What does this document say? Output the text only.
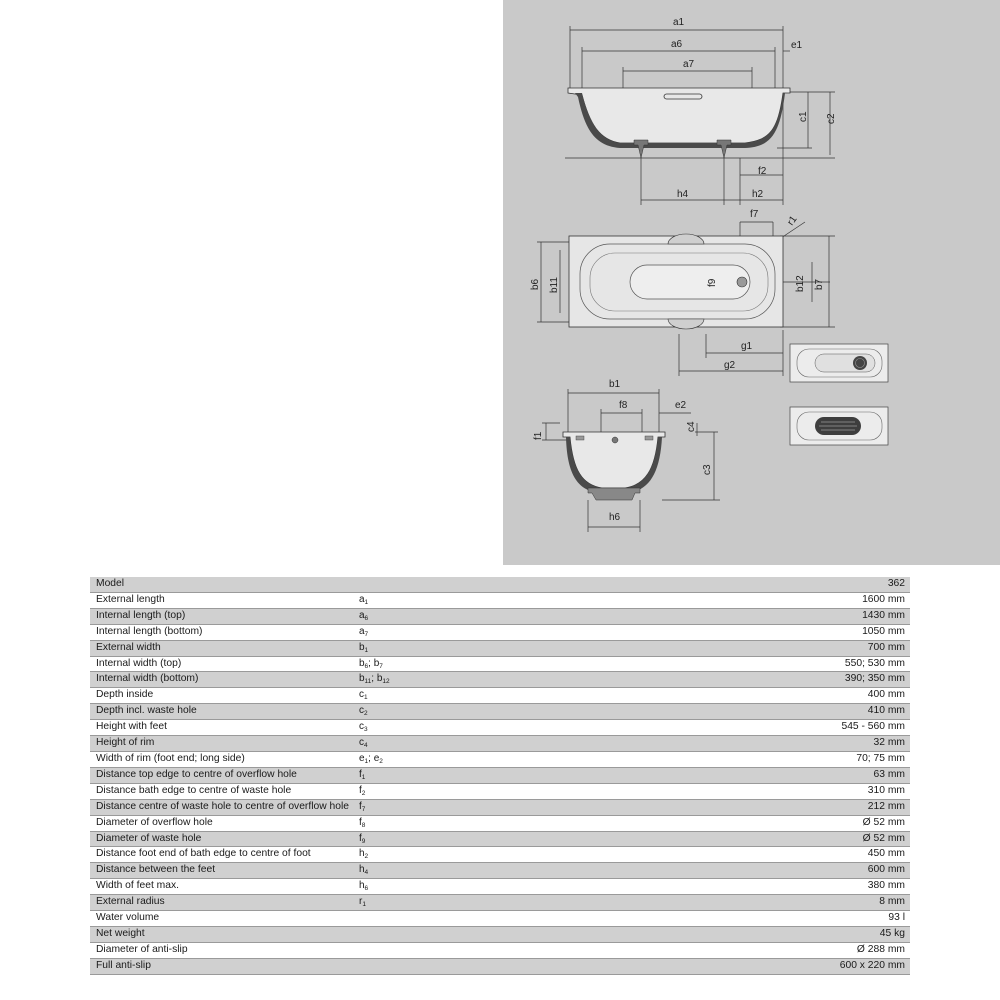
a1
a6	e1
a7
c1 c2
f2
h4	h2
f7	r1
f9
b6 b11	b12 b7
g1
g2
b1
f8	e2
c4
f1
c3
h6
Model		362
External length	$a_1$	1600 mm
Internal length (top)	$a_6$	1430 mm
Internal length (bottom)	$a_7$	1050 mm
External width	$b_1$	700 mm
Internal width (top)	$b_6$; $b_7$	550; 530 mm
Internal width (bottom)	$b_{11}$; $b_{12}$	390; 350 mm
Depth inside	$c_1$	400 mm
Depth incl. waste hole	$c_2$	410 mm
Height with feet	$c_3$	545 - 560 mm
Height of rim	$c_4$	32 mm
Width of rim (foot end; long side)	$e_1$; $e_2$	70; 75 mm
Distance top edge to centre of overflow hole	$f_1$	63 mm
Distance bath edge to centre of waste hole	$f_2$	310 mm
Distance centre of waste hole to centre of overflow hole	$f_7$	212 mm
Diameter of overflow hole	$f_8$	Ø 52 mm
Diameter of waste hole	$f_9$	Ø 52 mm
Distance foot end of bath edge to centre of foot	$h_2$	450 mm
Distance between the feet	$h_4$	600 mm
Width of feet max.	$h_6$	380 mm
External radius	$r_1$	8 mm
Water volume		93 l
Net weight		45 kg
Diameter of anti-slip		Ø 288 mm
Full anti-slip		600 x 220 mm
